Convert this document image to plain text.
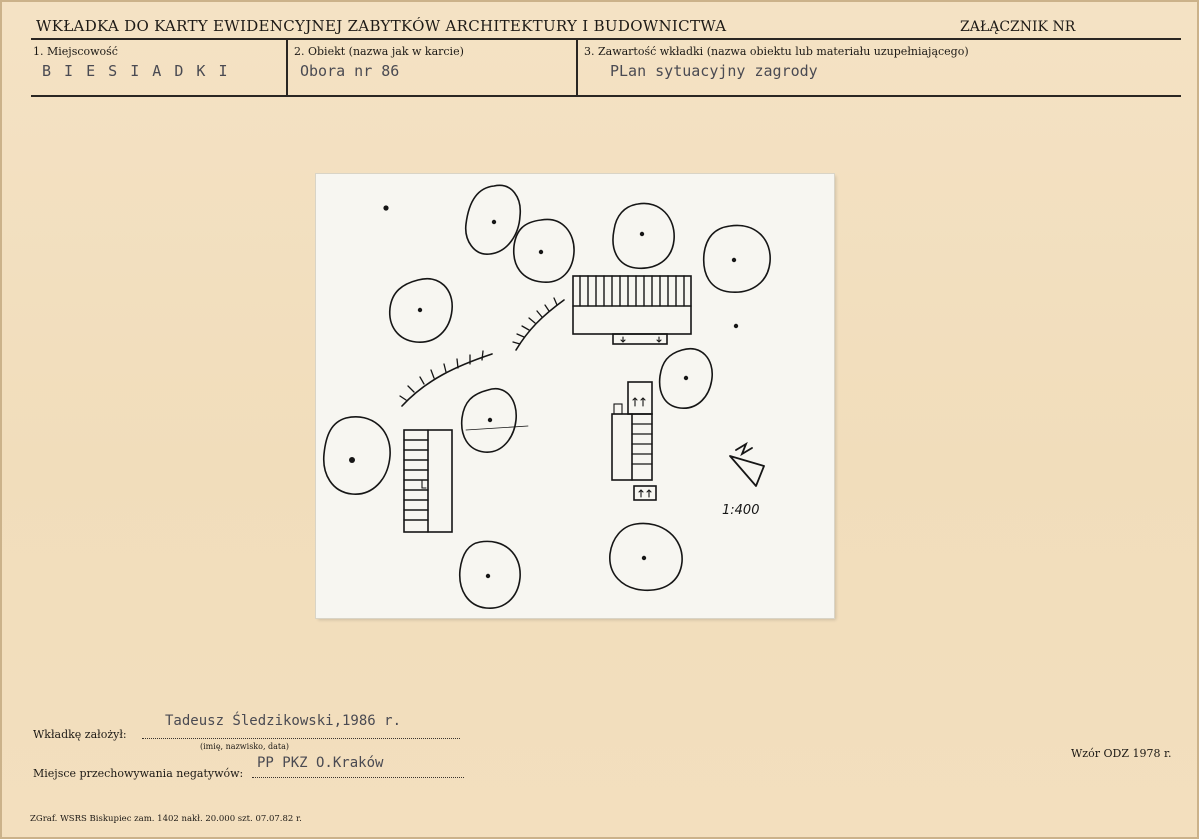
WKŁADKA DO KARTY EWIDENCYJNEJ ZABYTKÓW ARCHITEKTURY I BUDOWNICTWA	ZAŁĄCZNIK NR
1. Miejscowość
B I E S I A D K I
2. Obiekt (nazwa jak w karcie)
Obora nr 86
3. Zawartość wkładki (nazwa obiektu lub materiału uzupełniającego)
PLan sytuacyjny zagrody
1:400
Wkładkę założył:
Tadeusz Śledzikowski,1986 r.
(imię, nazwisko, data)
Miejsce przechowywania negatywów:
PP PKZ O.Kraków
Wzór ODZ 1978 r.
ZGraf. WSRS Biskupiec zam. 1402 nakł. 20.000 szt. 07.07.82 r.
